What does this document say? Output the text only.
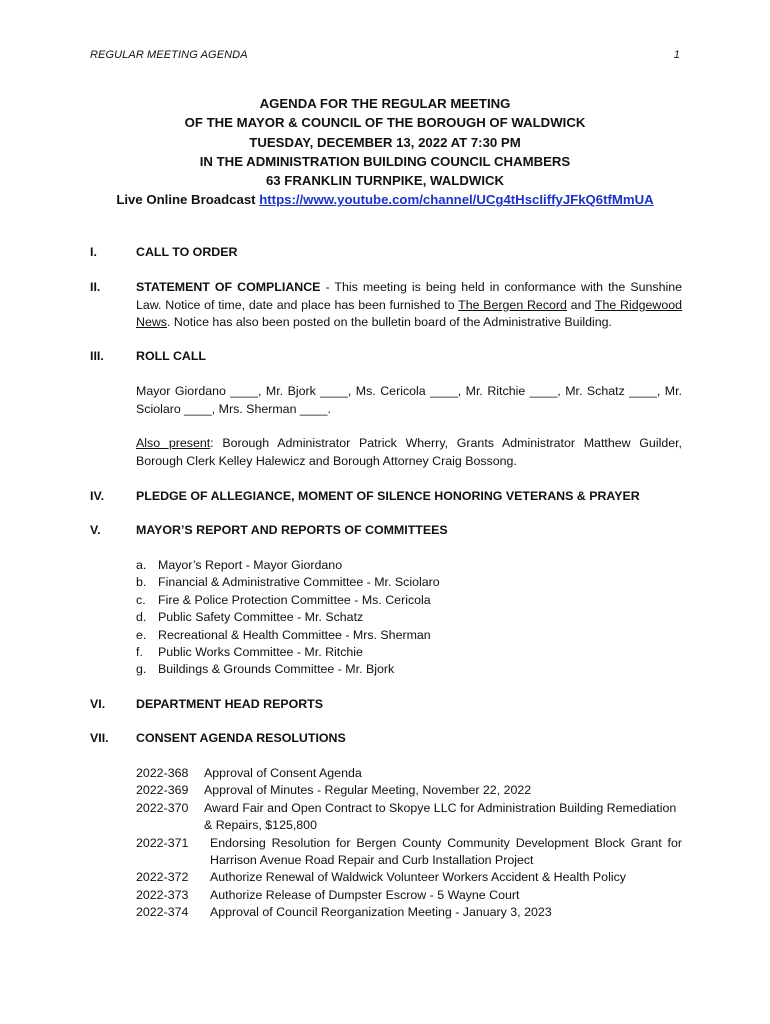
REGULAR MEETING AGENDA	1
AGENDA FOR THE REGULAR MEETING
OF THE MAYOR & COUNCIL OF THE BOROUGH OF WALDWICK
TUESDAY, DECEMBER 13, 2022 AT 7:30 PM
IN THE ADMINISTRATION BUILDING COUNCIL CHAMBERS
63 FRANKLIN TURNPIKE, WALDWICK
Live Online Broadcast https://www.youtube.com/channel/UCg4tHscIiffyJFkQ6tfMmUA
I.	CALL TO ORDER
II.	STATEMENT OF COMPLIANCE - This meeting is being held in conformance with the Sunshine Law. Notice of time, date and place has been furnished to The Bergen Record and The Ridgewood News. Notice has also been posted on the bulletin board of the Administrative Building.
III.	ROLL CALL
Mayor Giordano ____, Mr. Bjork ____, Ms. Cericola ____, Mr. Ritchie ____, Mr. Schatz ____, Mr. Sciolaro ____, Mrs. Sherman ____.
Also present: Borough Administrator Patrick Wherry, Grants Administrator Matthew Guilder, Borough Clerk Kelley Halewicz and Borough Attorney Craig Bossong.
IV.	PLEDGE OF ALLEGIANCE, MOMENT OF SILENCE HONORING VETERANS & PRAYER
V.	MAYOR’S REPORT AND REPORTS OF COMMITTEES
a. Mayor’s Report - Mayor Giordano
b. Financial & Administrative Committee - Mr. Sciolaro
c. Fire & Police Protection Committee - Ms. Cericola
d. Public Safety Committee - Mr. Schatz
e. Recreational & Health Committee - Mrs. Sherman
f. Public Works Committee - Mr. Ritchie
g. Buildings & Grounds Committee - Mr. Bjork
VI. DEPARTMENT HEAD REPORTS
VII. CONSENT AGENDA RESOLUTIONS
2022-368 Approval of Consent Agenda
2022-369 Approval of Minutes - Regular Meeting, November 22, 2022
2022-370 Award Fair and Open Contract to Skopye LLC for Administration Building Remediation & Repairs, $125,800
2022-371 Endorsing Resolution for Bergen County Community Development Block Grant for Harrison Avenue Road Repair and Curb Installation Project
2022-372 Authorize Renewal of Waldwick Volunteer Workers Accident & Health Policy
2022-373 Authorize Release of Dumpster Escrow - 5 Wayne Court
2022-374 Approval of Council Reorganization Meeting - January 3, 2023
